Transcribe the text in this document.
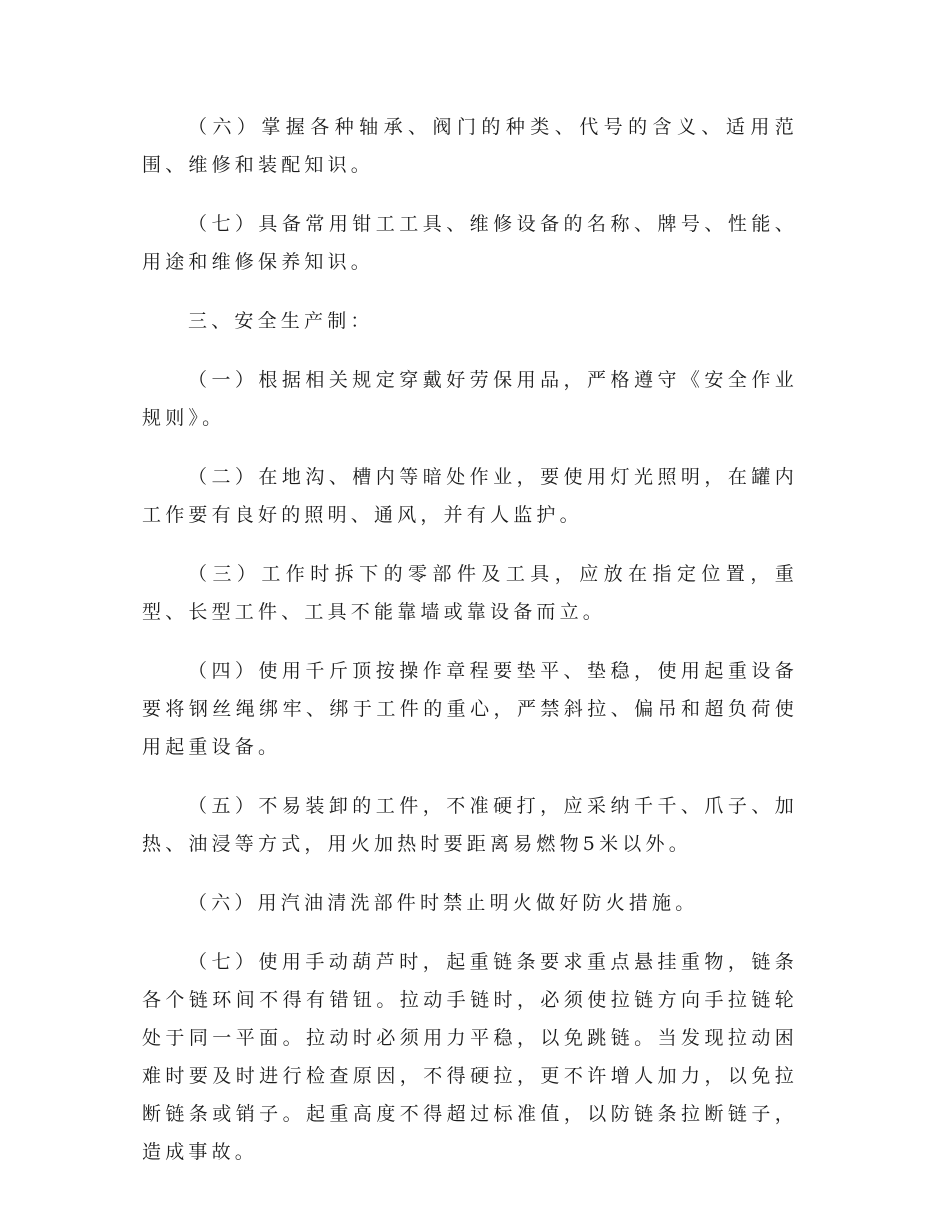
（六）掌握各种轴承、阀门的种类、代号的含义、适用范围、维修和装配知识。

（七）具备常用钳工工具、维修设备的名称、牌号、性能、用途和维修保养知识。

三、安全生产制：

（一）根据相关规定穿戴好劳保用品，严格遵守《安全作业规则》。

（二）在地沟、槽内等暗处作业，要使用灯光照明，在罐内工作要有良好的照明、通风，并有人监护。

（三）工作时拆下的零部件及工具，应放在指定位置，重型、长型工件、工具不能靠墙或靠设备而立。

（四）使用千斤顶按操作章程要垫平、垫稳，使用起重设备要将钢丝绳绑牢、绑于工件的重心，严禁斜拉、偏吊和超负荷使用起重设备。

（五）不易装卸的工件，不准硬打，应采纳千千、爪子、加热、油浸等方式，用火加热时要距离易燃物5米以外。

（六）用汽油清洗部件时禁止明火做好防火措施。

（七）使用手动葫芦时，起重链条要求重点悬挂重物，链条各个链环间不得有错钮。拉动手链时，必须使拉链方向手拉链轮处于同一平面。拉动时必须用力平稳，以免跳链。当发现拉动困难时要及时进行检查原因，不得硬拉，更不许增人加力，以免拉断链条或销子。起重高度不得超过标准值，以防链条拉断链子，造成事故。
